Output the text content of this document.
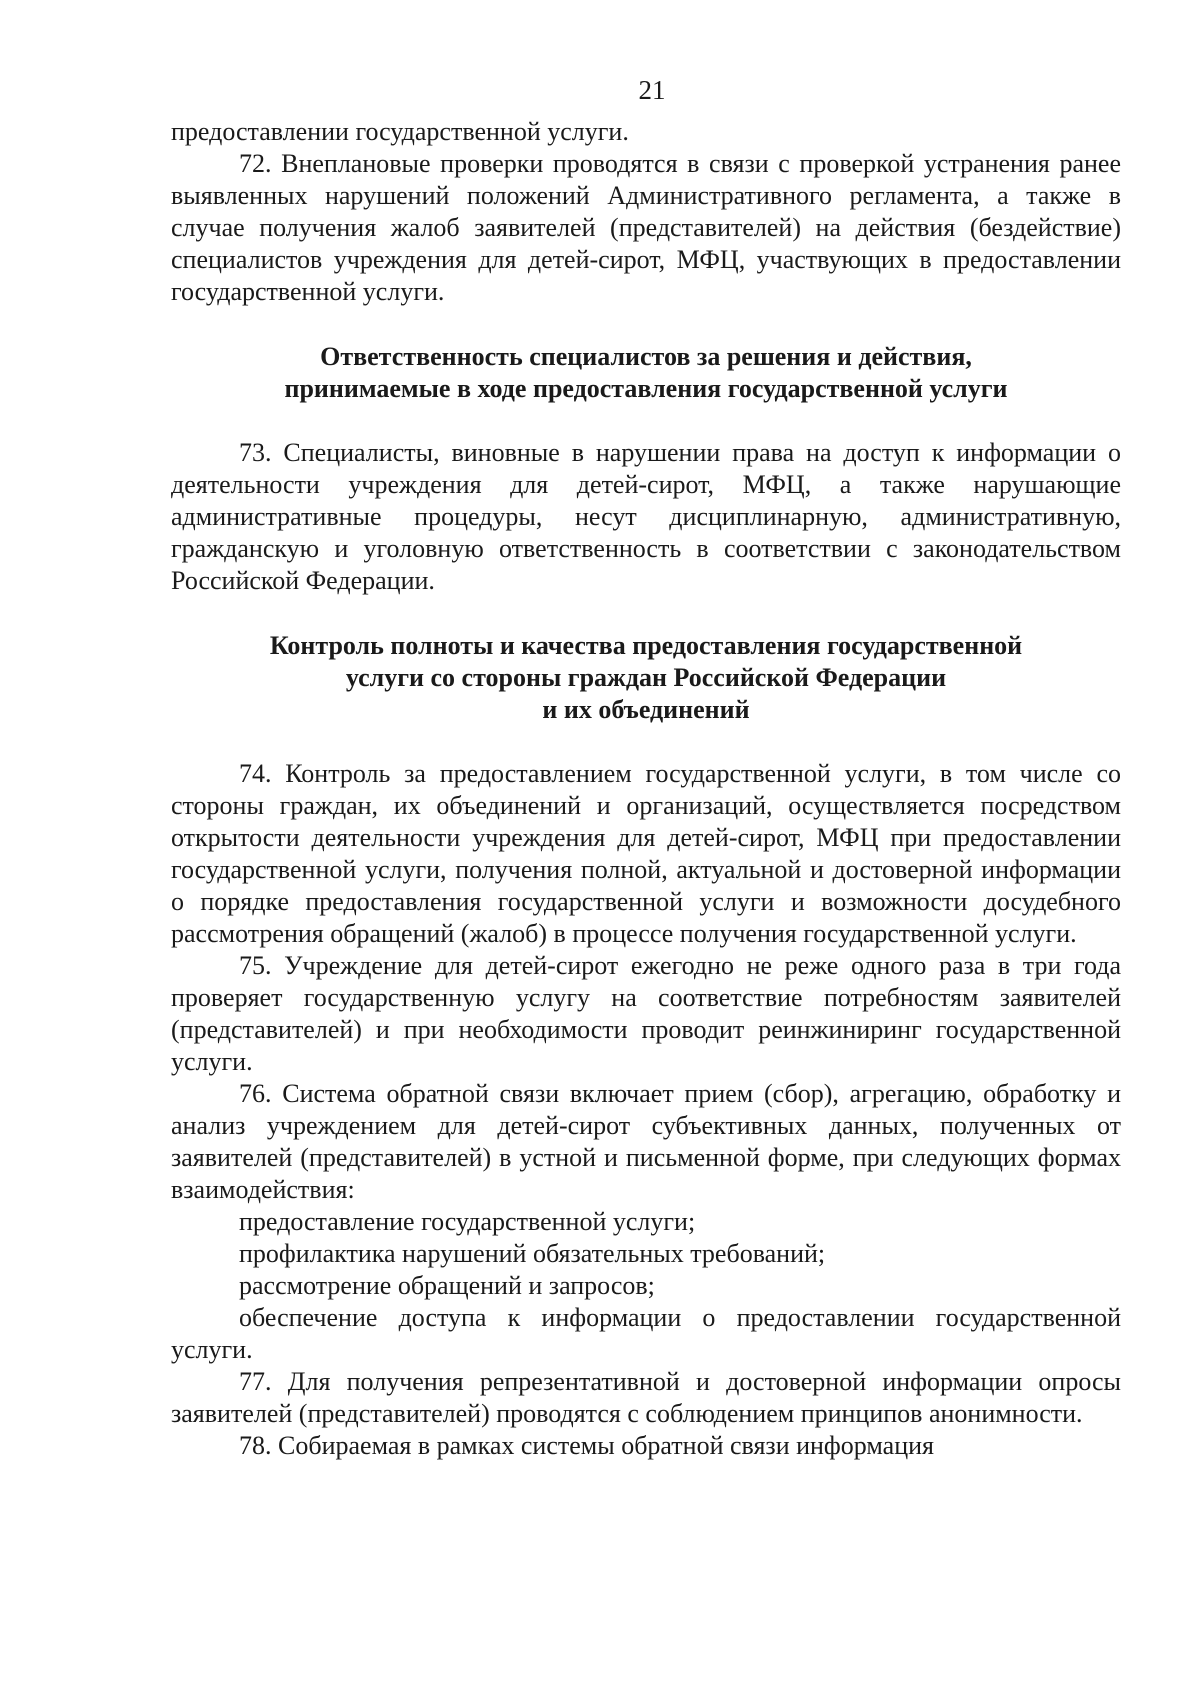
21

предоставлении государственной услуги.

72. Внеплановые проверки проводятся в связи с проверкой устранения ранее выявленных нарушений положений Административного регламента, а также в случае получения жалоб заявителей (представителей) на действия (бездействие) специалистов учреждения для детей-сирот, МФЦ, участвующих в предоставлении государственной услуги.

Ответственность специалистов за решения и действия,

принимаемые в ходе предоставления государственной услуги

73. Специалисты, виновные в нарушении права на доступ к информации о деятельности учреждения для детей-сирот, МФЦ, а также нарушающие административные процедуры, несут дисциплинарную, административную, гражданскую и уголовную ответственность в соответствии с законодательством Российской Федерации.

Контроль полноты и качества предоставления государственной

услуги со стороны граждан Российской Федерации

и их объединений

74. Контроль за предоставлением государственной услуги, в том числе со стороны граждан, их объединений и организаций, осуществляется посредством открытости деятельности учреждения для детей-сирот, МФЦ при предоставлении государственной услуги, получения полной, актуальной и достоверной информации о порядке предоставления государственной услуги и возможности досудебного рассмотрения обращений (жалоб) в процессе получения государственной услуги.

75. Учреждение для детей-сирот ежегодно не реже одного раза в три года проверяет государственную услугу на соответствие потребностям заявителей (представителей) и при необходимости проводит реинжиниринг государственной услуги.

76. Система обратной связи включает прием (сбор), агрегацию, обработку и анализ учреждением для детей-сирот субъективных данных, полученных от заявителей (представителей) в устной и письменной форме, при следующих формах взаимодействия:

предоставление государственной услуги;

профилактика нарушений обязательных требований;

рассмотрение обращений и запросов;

обеспечение доступа к информации о предоставлении государственной услуги.

77. Для получения репрезентативной и достоверной информации опросы заявителей (представителей) проводятся с соблюдением принципов анонимности.

78. Собираемая в рамках системы обратной связи информация
